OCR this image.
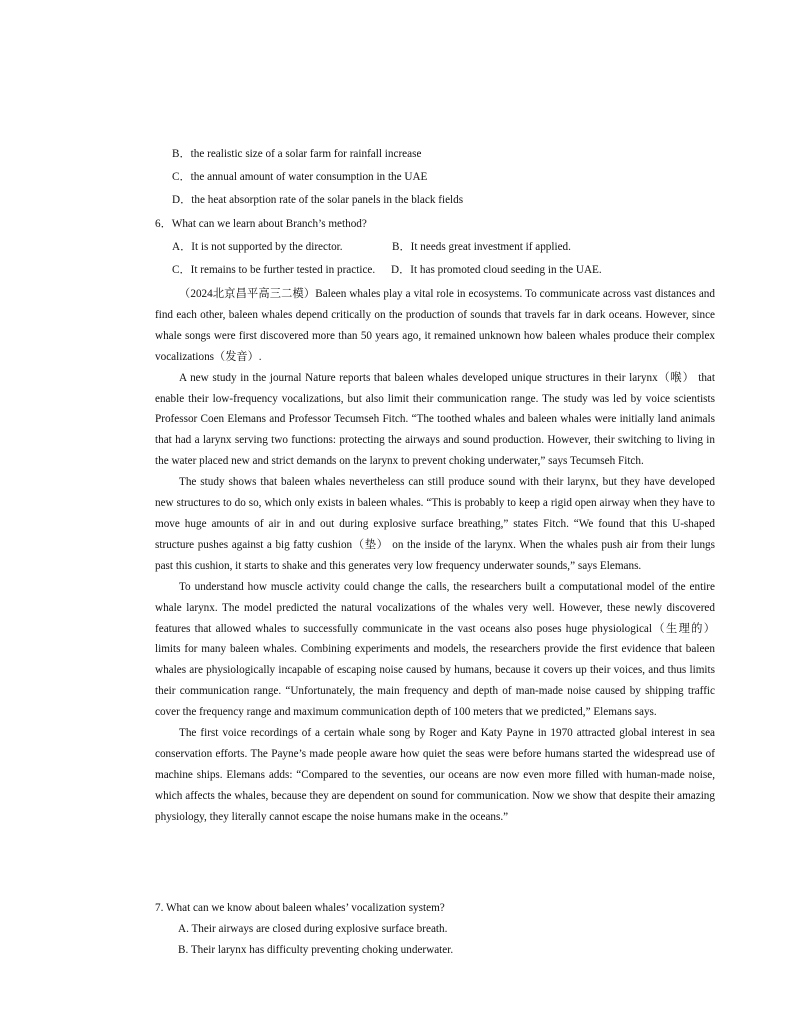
B．the realistic size of a solar farm for rainfall increase
C．the annual amount of water consumption in the UAE
D．the heat absorption rate of the solar panels in the black fields
6．What can we learn about Branch’s method?
A．It is not supported by the director.	B．It needs great investment if applied.
C．It remains to be further tested in practice. D．It has promoted cloud seeding in the UAE.

（2024北京昌平高三二模）Baleen whales play a vital role in ecosystems. To communicate across vast distances and find each other, baleen whales depend critically on the production of sounds that travels far in dark oceans. However, since whale songs were first discovered more than 50 years ago, it remained unknown how baleen whales produce their complex vocalizations（发音）.

A new study in the journal Nature reports that baleen whales developed unique structures in their larynx（喉） that enable their low-frequency vocalizations, but also limit their communication range. The study was led by voice scientists Professor Coen Elemans and Professor Tecumseh Fitch. “The toothed whales and baleen whales were initially land animals that had a larynx serving two functions: protecting the airways and sound production. However, their switching to living in the water placed new and strict demands on the larynx to prevent choking underwater,” says Tecumseh Fitch.

The study shows that baleen whales nevertheless can still produce sound with their larynx, but they have developed new structures to do so, which only exists in baleen whales. “This is probably to keep a rigid open airway when they have to move huge amounts of air in and out during explosive surface breathing,” states Fitch. “We found that this U-shaped structure pushes against a big fatty cushion（垫） on the inside of the larynx. When the whales push air from their lungs past this cushion, it starts to shake and this generates very low frequency underwater sounds,” says Elemans.

To understand how muscle activity could change the calls, the researchers built a computational model of the entire whale larynx. The model predicted the natural vocalizations of the whales very well. However, these newly discovered features that allowed whales to successfully communicate in the vast oceans also poses huge physiological（生理的） limits for many baleen whales. Combining experiments and models, the researchers provide the first evidence that baleen whales are physiologically incapable of escaping noise caused by humans, because it covers up their voices, and thus limits their communication range. “Unfortunately, the main frequency and depth of man-made noise caused by shipping traffic cover the frequency range and maximum communication depth of 100 meters that we predicted,” Elemans says.

The first voice recordings of a certain whale song by Roger and Katy Payne in 1970 attracted global interest in sea conservation efforts. The Payne’s made people aware how quiet the seas were before humans started the widespread use of machine ships. Elemans adds: “Compared to the seventies, our oceans are now even more filled with human-made noise, which affects the whales, because they are dependent on sound for communication. Now we show that despite their amazing physiology, they literally cannot escape the noise humans make in the oceans.”

7. What can we know about baleen whales’ vocalization system?
A. Their airways are closed during explosive surface breath.
B. Their larynx has difficulty preventing choking underwater.
